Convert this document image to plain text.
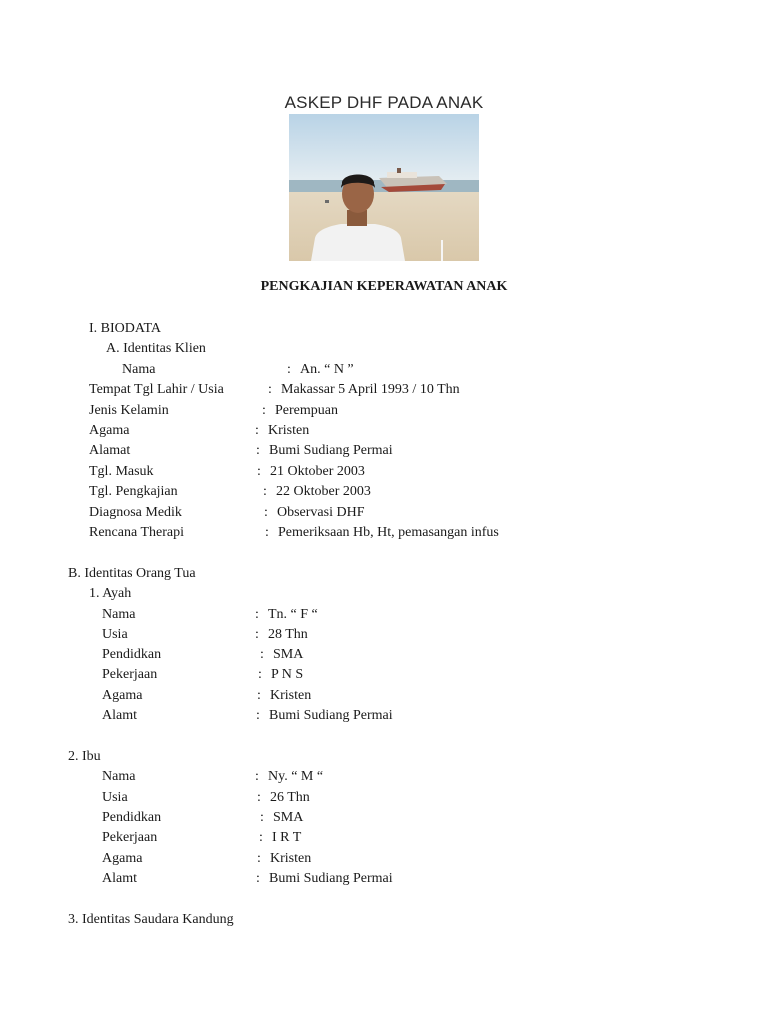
ASKEP DHF PADA ANAK
PENGKAJIAN KEPERAWATAN ANAK
I. BIODATA
A. Identitas Klien
Nama	: An. “ N ”
Tempat Tgl Lahir / Usia	: Makassar 5 April 1993 / 10 Thn
Jenis Kelamin	: Perempuan
Agama	: Kristen
Alamat	: Bumi Sudiang Permai
Tgl. Masuk	: 21 Oktober 2003
Tgl. Pengkajian	: 22 Oktober 2003
Diagnosa Medik	: Observasi DHF
Rencana Therapi	: Pemeriksaan Hb, Ht, pemasangan infus
B. Identitas Orang Tua
1. Ayah
Nama	: Tn. “ F “
Usia	: 28 Thn
Pendidkan	: SMA
Pekerjaan	: P N S
Agama	: Kristen
Alamt	: Bumi Sudiang Permai
2. Ibu
Nama	: Ny. “ M “
Usia	: 26 Thn
Pendidkan	: SMA
Pekerjaan	: I R T
Agama	: Kristen
Alamt	: Bumi Sudiang Permai
3. Identitas Saudara Kandung
